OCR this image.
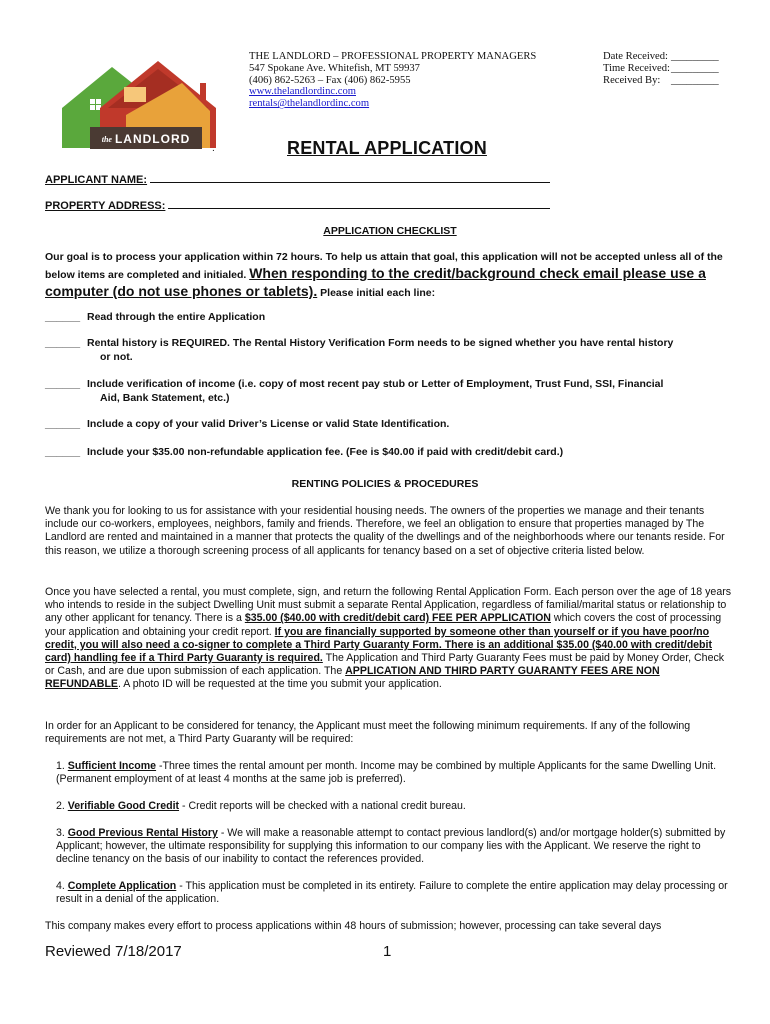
the LANDLORD
.
THE LANDLORD – PROFESSIONAL PROPERTY MANAGERS
547 Spokane Ave. Whitefish, MT 59937
(406) 862-5263 – Fax (406) 862-5955
www.thelandlordinc.com
rentals@thelandlordinc.com
Date Received: _________
Time Received: _________
Received By:	_________
RENTAL APPLICATION
APPLICANT NAME:
PROPERTY ADDRESS:
APPLICATION CHECKLIST
Our goal is to process your application within 72 hours. To help us attain that goal, this application will not be accepted unless all of the below items are completed and initialed. When responding to the credit/background check email please use a computer (do not use phones or tablets). Please initial each line:
______ Read through the entire Application
______ Rental history is REQUIRED. The Rental History Verification Form needs to be signed whether you have rental history
or not.
______ Include verification of income (i.e. copy of most recent pay stub or Letter of Employment, Trust Fund, SSI, Financial
Aid, Bank Statement, etc.)
______ Include a copy of your valid Driver’s License or valid State Identification.
______ Include your $35.00 non-refundable application fee. (Fee is $40.00 if paid with credit/debit card.)
RENTING POLICIES & PROCEDURES
We thank you for looking to us for assistance with your residential housing needs. The owners of the properties we manage and their tenants include our co-workers, employees, neighbors, family and friends. Therefore, we feel an obligation to ensure that properties managed by The Landlord are rented and maintained in a manner that protects the quality of the dwellings and of the neighborhoods where our tenants reside. For this reason, we utilize a thorough screening process of all applicants for tenancy based on a set of objective criteria listed below.
Once you have selected a rental, you must complete, sign, and return the following Rental Application Form. Each person over the age of 18 years who intends to reside in the subject Dwelling Unit must submit a separate Rental Application, regardless of familial/marital status or relationship to any other applicant for tenancy. There is a $35.00 ($40.00 with credit/debit card) FEE PER APPLICATION which covers the cost of processing your application and obtaining your credit report. If you are financially supported by someone other than yourself or if you have poor/no credit, you will also need a co-signer to complete a Third Party Guaranty Form. There is an additional $35.00 ($40.00 with credit/debit card) handling fee if a Third Party Guaranty is required. The Application and Third Party Guaranty Fees must be paid by Money Order, Check or Cash, and are due upon submission of each application. The APPLICATION AND THIRD PARTY GUARANTY FEES ARE NON REFUNDABLE. A photo ID will be requested at the time you submit your application.
In order for an Applicant to be considered for tenancy, the Applicant must meet the following minimum requirements. If any of the following requirements are not met, a Third Party Guaranty will be required:
1. Sufficient Income -Three times the rental amount per month. Income may be combined by multiple Applicants for the same Dwelling Unit. (Permanent employment of at least 4 months at the same job is preferred).
2. Verifiable Good Credit - Credit reports will be checked with a national credit bureau.
3. Good Previous Rental History - We will make a reasonable attempt to contact previous landlord(s) and/or mortgage holder(s) submitted by Applicant; however, the ultimate responsibility for supplying this information to our company lies with the Applicant. We reserve the right to decline tenancy on the basis of our inability to contact the references provided.
4. Complete Application - This application must be completed in its entirety. Failure to complete the entire application may delay processing or result in a denial of the application.
This company makes every effort to process applications within 48 hours of submission; however, processing can take several days
Reviewed 7/18/2017	1
